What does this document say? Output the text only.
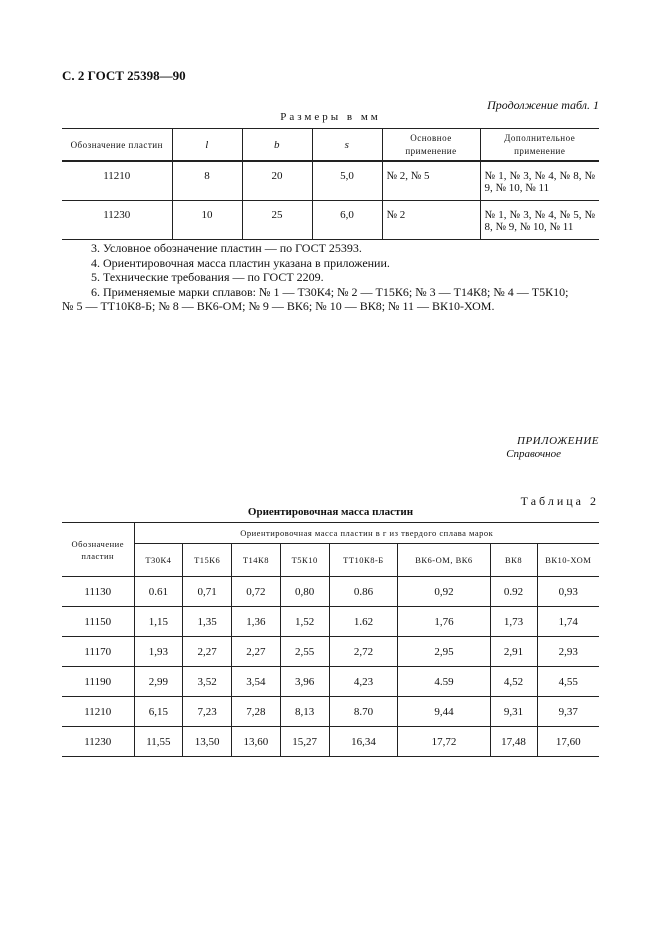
С. 2 ГОСТ 25398—90
Продолжение табл. 1
Размеры в мм
Обозначение пластин	l	b	s	Основное применение	Дополнительное применение
11210	8	20	5,0	№ 2, № 5	№ 1, № 3, № 4, № 8, № 9, № 10, № 11
11230	10	25	6,0	№ 2	№ 1, № 3, № 4, № 5, № 8, № 9, № 10, № 11

3. Условное обозначение пластин — по ГОСТ 25393.

4. Ориентировочная масса пластин указана в приложении.

5. Технические требования — по ГОСТ 2209.

6. Применяемые марки сплавов: № 1 — Т30К4; № 2 — Т15К6; № 3 — Т14К8; № 4 — Т5К10;

№ 5 — ТТ10К8-Б; № 8 — ВК6-ОМ; № 9 — ВК6; № 10 — ВК8; № 11 — ВК10-ХОМ.

ПРИЛОЖЕНИЕ
Справочное
Таблица 2
Ориентировочная масса пластин
Обозначение пластин	Ориентировочная масса пластин в г из твердого сплава марок							
	Т30К4	Т15К6	Т14К8	Т5К10	ТТ10К8-Б	ВК6-ОМ, ВК6	ВК8	ВК10-ХОМ
11130	0.61	0,71	0,72	0,80	0.86	0,92	0.92	0,93
11150	1,15	1,35	1,36	1,52	1.62	1,76	1,73	1,74
11170	1,93	2,27	2,27	2,55	2,72	2,95	2,91	2,93
11190	2,99	3,52	3,54	3,96	4,23	4.59	4,52	4,55
11210	6,15	7,23	7,28	8,13	8.70	9,44	9,31	9,37
11230	11,55	13,50	13,60	15,27	16,34	17,72	17,48	17,60
